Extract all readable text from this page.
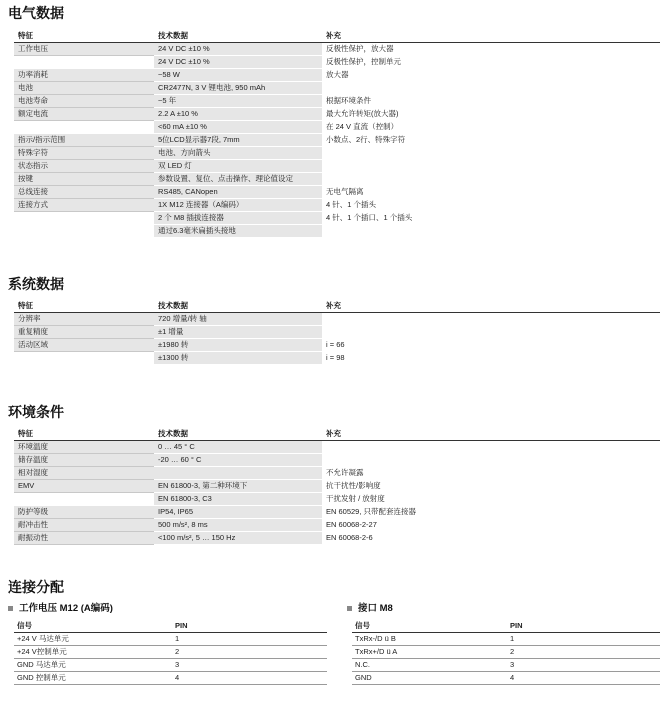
电气数据
特征	技术数据	补充
工作电压	24 V DC ±10 %	反极性保护，放大器
	24 V DC ±10 %	反极性保护，控制单元
功率消耗	~58 W	放大器
电池	CR2477N, 3 V 锂电池, 950 mAh	
电池寿命	~5 年	根据环境条件
额定电流	2.2 A ±10 %	最大允许转矩(放大器)
	<60 mA ±10 %	在 24 V 直流（控制）
指示/指示范围	5位LCD显示器7段, 7mm	小数点、2行、特殊字符
特殊字符	电池、方向箭头	
状态指示	双 LED 灯	
按键	参数设置、复位、点击操作、理论值设定	
总线连接	RS485, CANopen	无电气隔离
连接方式	1X M12 连接器（A编码）	4 针、1 个插头
	2 个 M8 插拔连接器	4 针、1 个插口、1 个插头
	通过6.3毫米扁插头接地	
系统数据
特征	技术数据	补充
分辨率	720 增量/转 轴	
重复精度	±1 增量	
活动区域	±1980 转	i = 66
	±1300 转	i = 98
环境条件
特征	技术数据	补充
环境温度	0 … 45 ° C	
储存温度	-20 … 60 ° C	
相对湿度		不允许凝露
EMV	EN 61800-3, 第二种环境下	抗干扰性/影响度
	EN 61800-3, C3	干扰发射 / 放射度
防护等级	IP54, IP65	EN 60529, 只带配套连接器
耐冲击性	500 m/s², 8 ms	EN 60068-2-27
耐振动性	<100 m/s², 5 … 150 Hz	EN 60068-2-6
连接分配
工作电压 M12 (A编码)
信号	PIN
+24 V 马达单元	1
+24 V控制单元	2
GND 马达单元	3
GND 控制单元	4
接口 M8
信号	PIN
TxRx-/D ü B	1
TxRx+/D ü A	2
N.C.	3
GND	4
